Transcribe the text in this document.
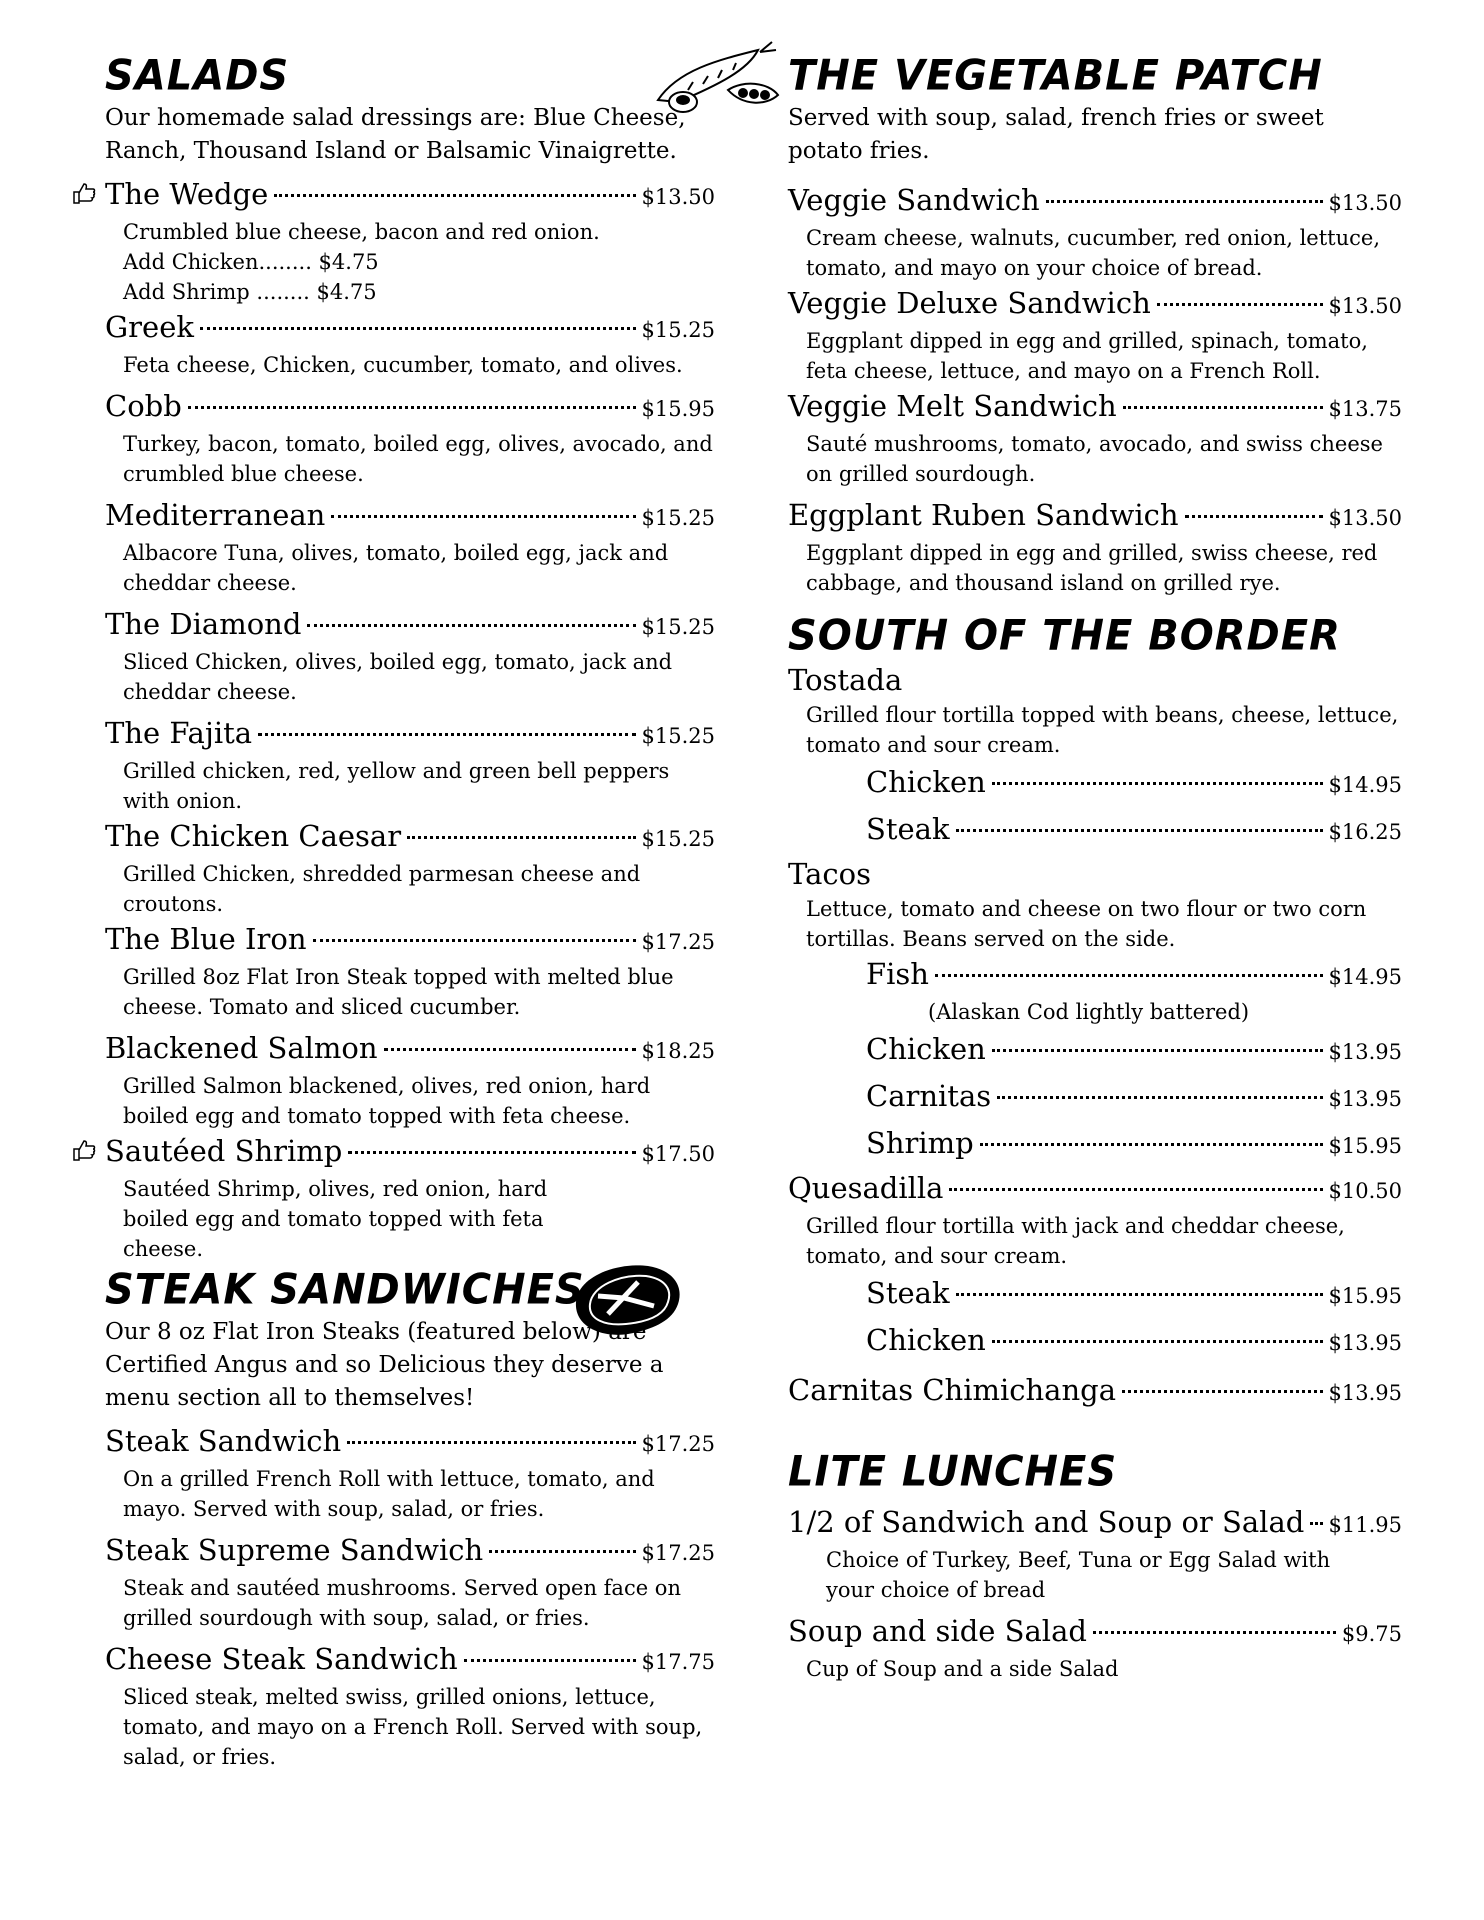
SALADS
Our homemade salad dressings are: Blue Cheese, Ranch, Thousand Island or Balsamic Vinaigrette.
The Wedge	$13.50
Crumbled blue cheese, bacon and red onion.
Add Chicken........ $4.75
Add Shrimp ........ $4.75
Greek	$15.25
Feta cheese, Chicken, cucumber, tomato, and olives.
Cobb	$15.95
Turkey, bacon, tomato, boiled egg, olives, avocado, and crumbled blue cheese.
Mediterranean	$15.25
Albacore Tuna, olives, tomato, boiled egg, jack and cheddar cheese.
The Diamond	$15.25
Sliced Chicken, olives, boiled egg, tomato, jack and cheddar cheese.
The Fajita	$15.25
Grilled chicken, red, yellow and green bell peppers with onion.
The Chicken Caesar	$15.25
Grilled Chicken, shredded parmesan cheese and croutons.
The Blue Iron	$17.25
Grilled 8oz Flat Iron Steak topped with melted blue cheese. Tomato and sliced cucumber.
Blackened Salmon	$18.25
Grilled Salmon blackened, olives, red onion, hard boiled egg and tomato topped with feta cheese.
Sautéed Shrimp	$17.50
Sautéed Shrimp, olives, red onion, hard boiled egg and tomato topped with feta cheese.
STEAK SANDWICHES
Our 8 oz Flat Iron Steaks (featured below) are Certified Angus and so Delicious they deserve a menu section all to themselves!
Steak Sandwich	$17.25
On a grilled French Roll with lettuce, tomato, and mayo. Served with soup, salad, or fries.
Steak Supreme Sandwich	$17.25
Steak and sautéed mushrooms. Served open face on grilled sourdough with soup, salad, or fries.
Cheese Steak Sandwich	$17.75
Sliced steak, melted swiss, grilled onions, lettuce, tomato, and mayo on a French Roll. Served with soup, salad, or fries.
THE VEGETABLE PATCH
Served with soup, salad, french fries or sweet potato fries.
Veggie Sandwich	$13.50
Cream cheese, walnuts, cucumber, red onion, lettuce, tomato, and mayo on your choice of bread.
Veggie Deluxe Sandwich	$13.50
Eggplant dipped in egg and grilled, spinach, tomato, feta cheese, lettuce, and mayo on a French Roll.
Veggie Melt Sandwich	$13.75
Sauté mushrooms, tomato, avocado, and swiss cheese on grilled sourdough.
Eggplant Ruben Sandwich	$13.50
Eggplant dipped in egg and grilled, swiss cheese, red cabbage, and thousand island on grilled rye.
SOUTH OF THE BORDER
Tostada
Grilled flour tortilla topped with beans, cheese, lettuce, tomato and sour cream.
Chicken	$14.95
Steak	$16.25
Tacos
Lettuce, tomato and cheese on two flour or two corn tortillas. Beans served on the side.
Fish	$14.95
(Alaskan Cod lightly battered)
Chicken	$13.95
Carnitas	$13.95
Shrimp	$15.95
Quesadilla	$10.50
Grilled flour tortilla with jack and cheddar cheese, tomato, and sour cream.
Steak	$15.95
Chicken	$13.95
Carnitas Chimichanga	$13.95
LITE LUNCHES
1/2 of Sandwich and Soup or Salad $11.95
Choice of Turkey, Beef, Tuna or Egg Salad with your choice of bread
Soup and side Salad	$9.75
Cup of Soup and a side Salad
